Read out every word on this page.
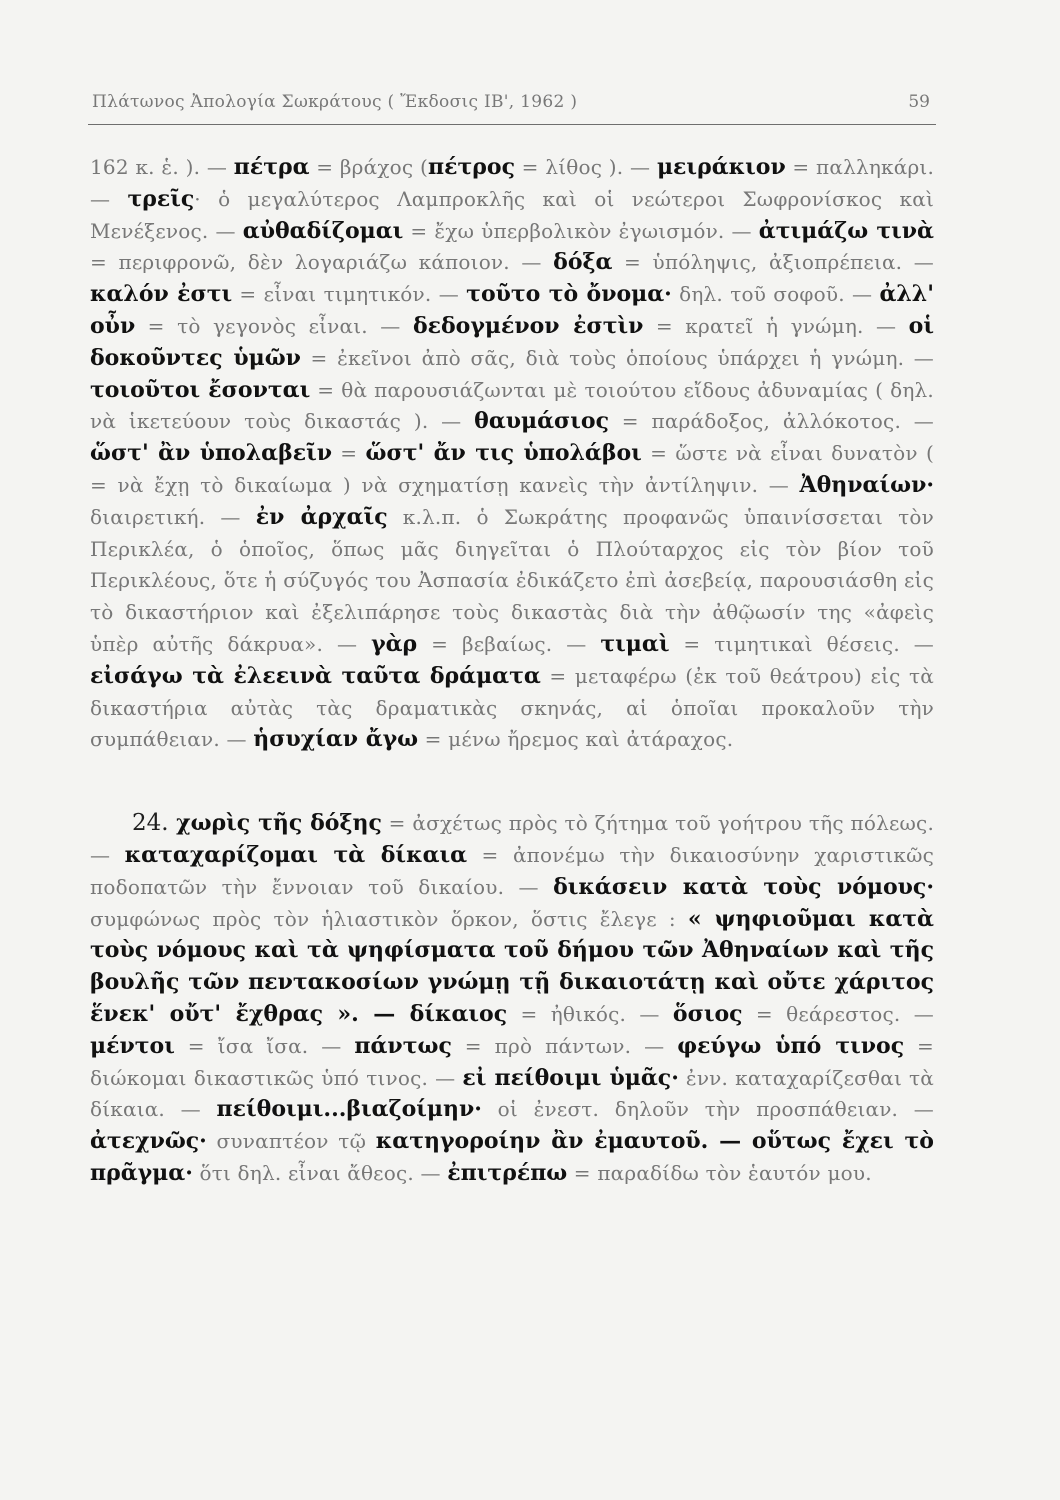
Πλάτωνος Ἀπολογία Σωκράτους ( Ἔκδοσις ΙΒ', 1962 )	59

162 κ. ἑ. ). — πέτρα = βράχος (πέτρος = λίθος ). — μειράκιον = παλληκάρι. — τρεῖς· ὁ μεγαλύτερος Λαμπροκλῆς καὶ οἱ νεώτεροι Σωφρονίσκος καὶ Μενέξενος. — αὐθαδίζομαι = ἔχω ὑπερβολικὸν ἐγωισμόν. — ἀτιμάζω τινὰ = περιφρονῶ, δὲν λογαριάζω κάποιον. — δόξα = ὑπόληψις, ἀξιοπρέπεια. — καλόν ἐστι = εἶναι τιμητικόν. — τοῦτο τὸ ὄνομα· δηλ. τοῦ σοφοῦ. — ἀλλ' οὖν = τὸ γεγονὸς εἶναι. — δεδογμένον ἐστὶν = κρατεῖ ἡ γνώμη. — οἱ δοκοῦντες ὑμῶν = ἐκεῖνοι ἀπὸ σᾶς, διὰ τοὺς ὁποίους ὑπάρχει ἡ γνώμη. — τοιοῦτοι ἔσονται = θὰ παρουσιάζωνται μὲ τοιούτου εἴδους ἀδυναμίας ( δηλ. νὰ ἱκετεύουν τοὺς δικαστάς ). — θαυμάσιος = παράδοξος, ἀλλόκοτος. — ὥστ' ἂν ὑπολαβεῖν = ὥστ' ἄν τις ὑπολάβοι = ὥστε νὰ εἶναι δυνατὸν ( = νὰ ἔχῃ τὸ δικαίωμα ) νὰ σχηματίσῃ κανεὶς τὴν ἀντίληψιν. — Ἀθηναίων· διαιρετική. — ἐν ἀρχαῖς κ.λ.π. ὁ Σωκράτης προφανῶς ὑπαινίσσεται τὸν Περικλέα, ὁ ὁποῖος, ὅπως μᾶς διηγεῖται ὁ Πλούταρχος εἰς τὸν βίον τοῦ Περικλέους, ὅτε ἡ σύζυγός του Ἀσπασία ἐδικάζετο ἐπὶ ἀσεβείᾳ, παρουσιάσθη εἰς τὸ δικαστήριον καὶ ἐξελιπάρησε τοὺς δικαστὰς διὰ τὴν ἀθῷωσίν της «ἀφεὶς ὑπὲρ αὐτῆς δάκρυα». — γὰρ = βεβαίως. — τιμαὶ = τιμητικαὶ θέσεις. — εἰσάγω τὰ ἐλεεινὰ ταῦτα δράματα = μεταφέρω (ἐκ τοῦ θεάτρου) εἰς τὰ δικαστήρια αὐτὰς τὰς δραματικὰς σκηνάς, αἱ ὁποῖαι προκαλοῦν τὴν συμπάθειαν. — ἡσυχίαν ἄγω = μένω ἤρεμος καὶ ἀτάραχος.

24. χωρὶς τῆς δόξης = ἀσχέτως πρὸς τὸ ζήτημα τοῦ γοήτρου τῆς πόλεως. — καταχαρίζομαι τὰ δίκαια = ἀπονέμω τὴν δικαιοσύνην χαριστικῶς ποδοπατῶν τὴν ἔννοιαν τοῦ δικαίου. — δικάσειν κατὰ τοὺς νόμους· συμφώνως πρὸς τὸν ἡλιαστικὸν ὅρκον, ὅστις ἔλεγε : « ψηφιοῦμαι κατὰ τοὺς νόμους καὶ τὰ ψηφίσματα τοῦ δήμου τῶν Ἀθηναίων καὶ τῆς βουλῆς τῶν πεντακοσίων γνώμῃ τῇ δικαιοτάτῃ καὶ οὔτε χάριτος ἕνεκ' οὔτ' ἔχθρας ». — δίκαιος = ἠθικός. — ὅσιος = θεάρεστος. — μέντοι = ἴσα ἴσα. — πάντως = πρὸ πάντων. — φεύγω ὑπό τινος = διώκομαι δικαστικῶς ὑπό τινος. — εἰ πείθοιμι ὑμᾶς· ἐνν. καταχαρίζεσθαι τὰ δίκαια. — πείθοιμι...βιαζοίμην· οἱ ἐνεστ. δηλοῦν τὴν προσπάθειαν. — ἀτεχνῶς· συναπτέον τῷ κατηγοροίην ἂν ἐμαυτοῦ. — οὕτως ἔχει τὸ πρᾶγμα· ὅτι δηλ. εἶναι ἄθεος. — ἐπιτρέπω = παραδίδω τὸν ἑαυτόν μου.
